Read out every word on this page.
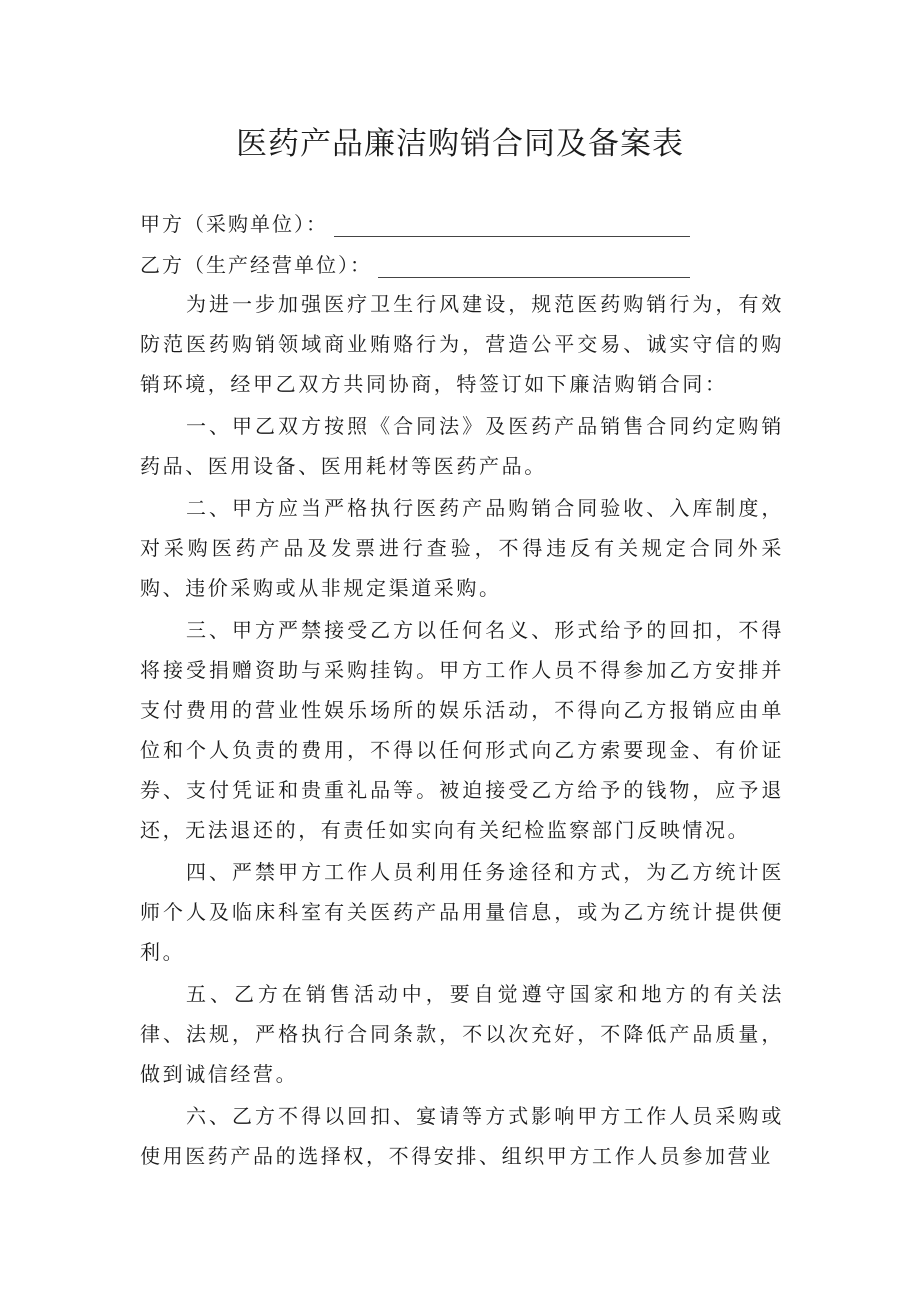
医药产品廉洁购销合同及备案表
甲方（采购单位）：
乙方（生产经营单位）：

为进一步加强医疗卫生行风建设，规范医药购销行为，有效防范医药购销领域商业贿赂行为，营造公平交易、诚实守信的购销环境，经甲乙双方共同协商，特签订如下廉洁购销合同：

一、甲乙双方按照《合同法》及医药产品销售合同约定购销药品、医用设备、医用耗材等医药产品。

二、甲方应当严格执行医药产品购销合同验收、入库制度，对采购医药产品及发票进行查验，不得违反有关规定合同外采购、违价采购或从非规定渠道采购。

三、甲方严禁接受乙方以任何名义、形式给予的回扣，不得将接受捐赠资助与采购挂钩。甲方工作人员不得参加乙方安排并支付费用的营业性娱乐场所的娱乐活动，不得向乙方报销应由单位和个人负责的费用，不得以任何形式向乙方索要现金、有价证券、支付凭证和贵重礼品等。被迫接受乙方给予的钱物，应予退还，无法退还的，有责任如实向有关纪检监察部门反映情况。

四、严禁甲方工作人员利用任务途径和方式，为乙方统计医师个人及临床科室有关医药产品用量信息，或为乙方统计提供便利。

五、乙方在销售活动中，要自觉遵守国家和地方的有关法律、法规，严格执行合同条款，不以次充好，不降低产品质量，做到诚信经营。

六、乙方不得以回扣、宴请等方式影响甲方工作人员采购或使用医药产品的选择权，不得安排、组织甲方工作人员参加营业
